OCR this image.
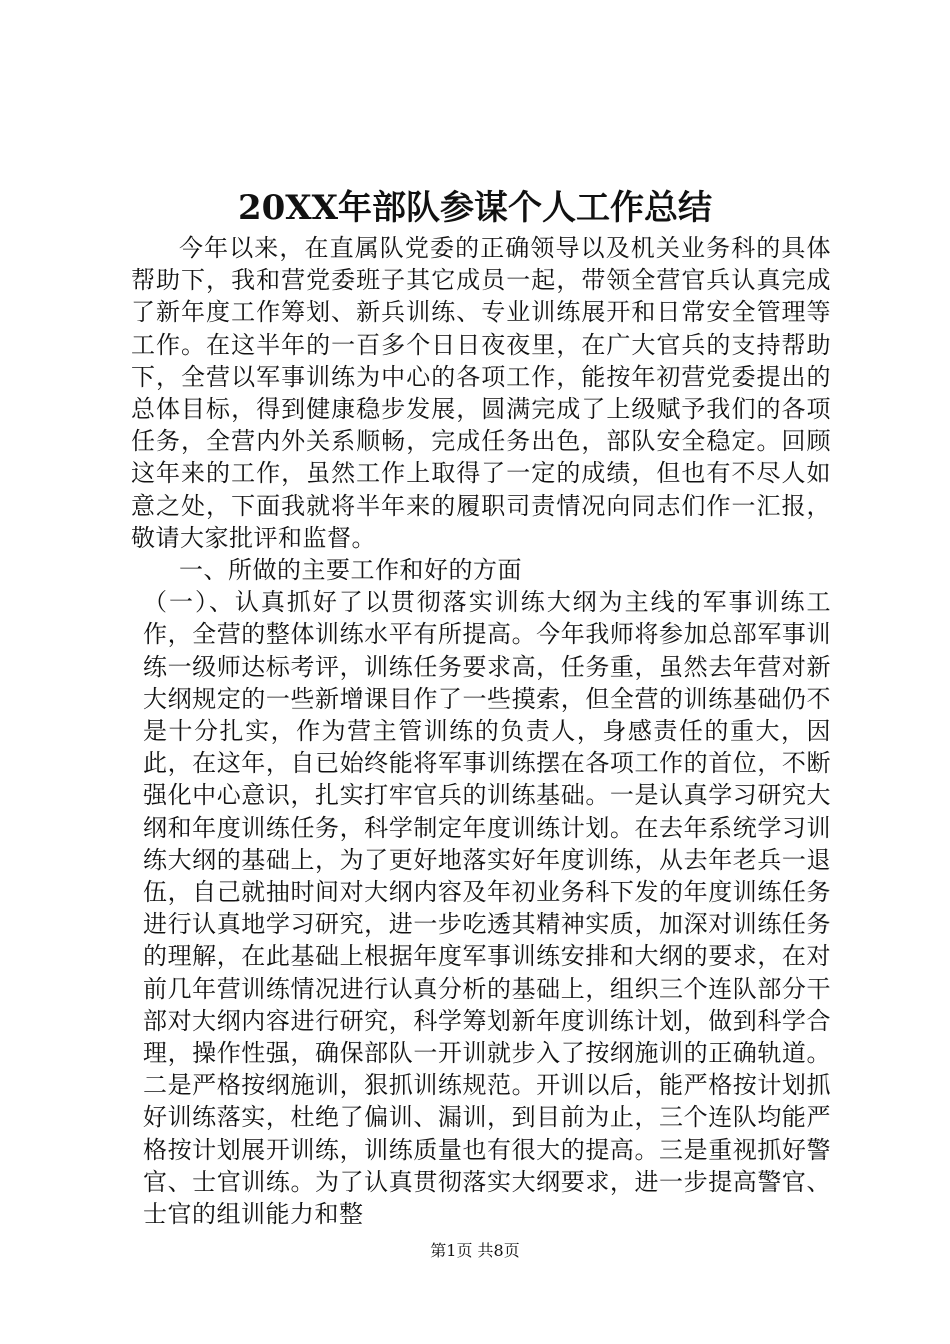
20XX年部队参谋个人工作总结

今年以来，在直属队党委的正确领导以及机关业务科的具体帮助下，我和营党委班子其它成员一起，带领全营官兵认真完成了新年度工作筹划、新兵训练、专业训练展开和日常安全管理等工作。在这半年的一百多个日日夜夜里，在广大官兵的支持帮助下，全营以军事训练为中心的各项工作，能按年初营党委提出的总体目标，得到健康稳步发展，圆满完成了上级赋予我们的各项任务，全营内外关系顺畅，完成任务出色，部队安全稳定。回顾这年来的工作，虽然工作上取得了一定的成绩，但也有不尽人如意之处，下面我就将半年来的履职司责情况向同志们作一汇报，敬请大家批评和监督。

一、所做的主要工作和好的方面

（一）、认真抓好了以贯彻落实训练大纲为主线的军事训练工作，全营的整体训练水平有所提高。今年我师将参加总部军事训练一级师达标考评，训练任务要求高，任务重，虽然去年营对新大纲规定的一些新增课目作了一些摸索，但全营的训练基础仍不是十分扎实，作为营主管训练的负责人，身感责任的重大，因此，在这年，自已始终能将军事训练摆在各项工作的首位，不断强化中心意识，扎实打牢官兵的训练基础。一是认真学习研究大纲和年度训练任务，科学制定年度训练计划。在去年系统学习训练大纲的基础上，为了更好地落实好年度训练，从去年老兵一退伍，自己就抽时间对大纲内容及年初业务科下发的年度训练任务进行认真地学习研究，进一步吃透其精神实质，加深对训练任务的理解，在此基础上根据年度军事训练安排和大纲的要求，在对前几年营训练情况进行认真分析的基础上，组织三个连队部分干部对大纲内容进行研究，科学筹划新年度训练计划，做到科学合理，操作性强，确保部队一开训就步入了按纲施训的正确轨道。二是严格按纲施训，狠抓训练规范。开训以后，能严格按计划抓好训练落实，杜绝了偏训、漏训，到目前为止，三个连队均能严格按计划展开训练，训练质量也有很大的提高。三是重视抓好警官、士官训练。为了认真贯彻落实大纲要求，进一步提高警官、士官的组训能力和整

第1页 共8页
